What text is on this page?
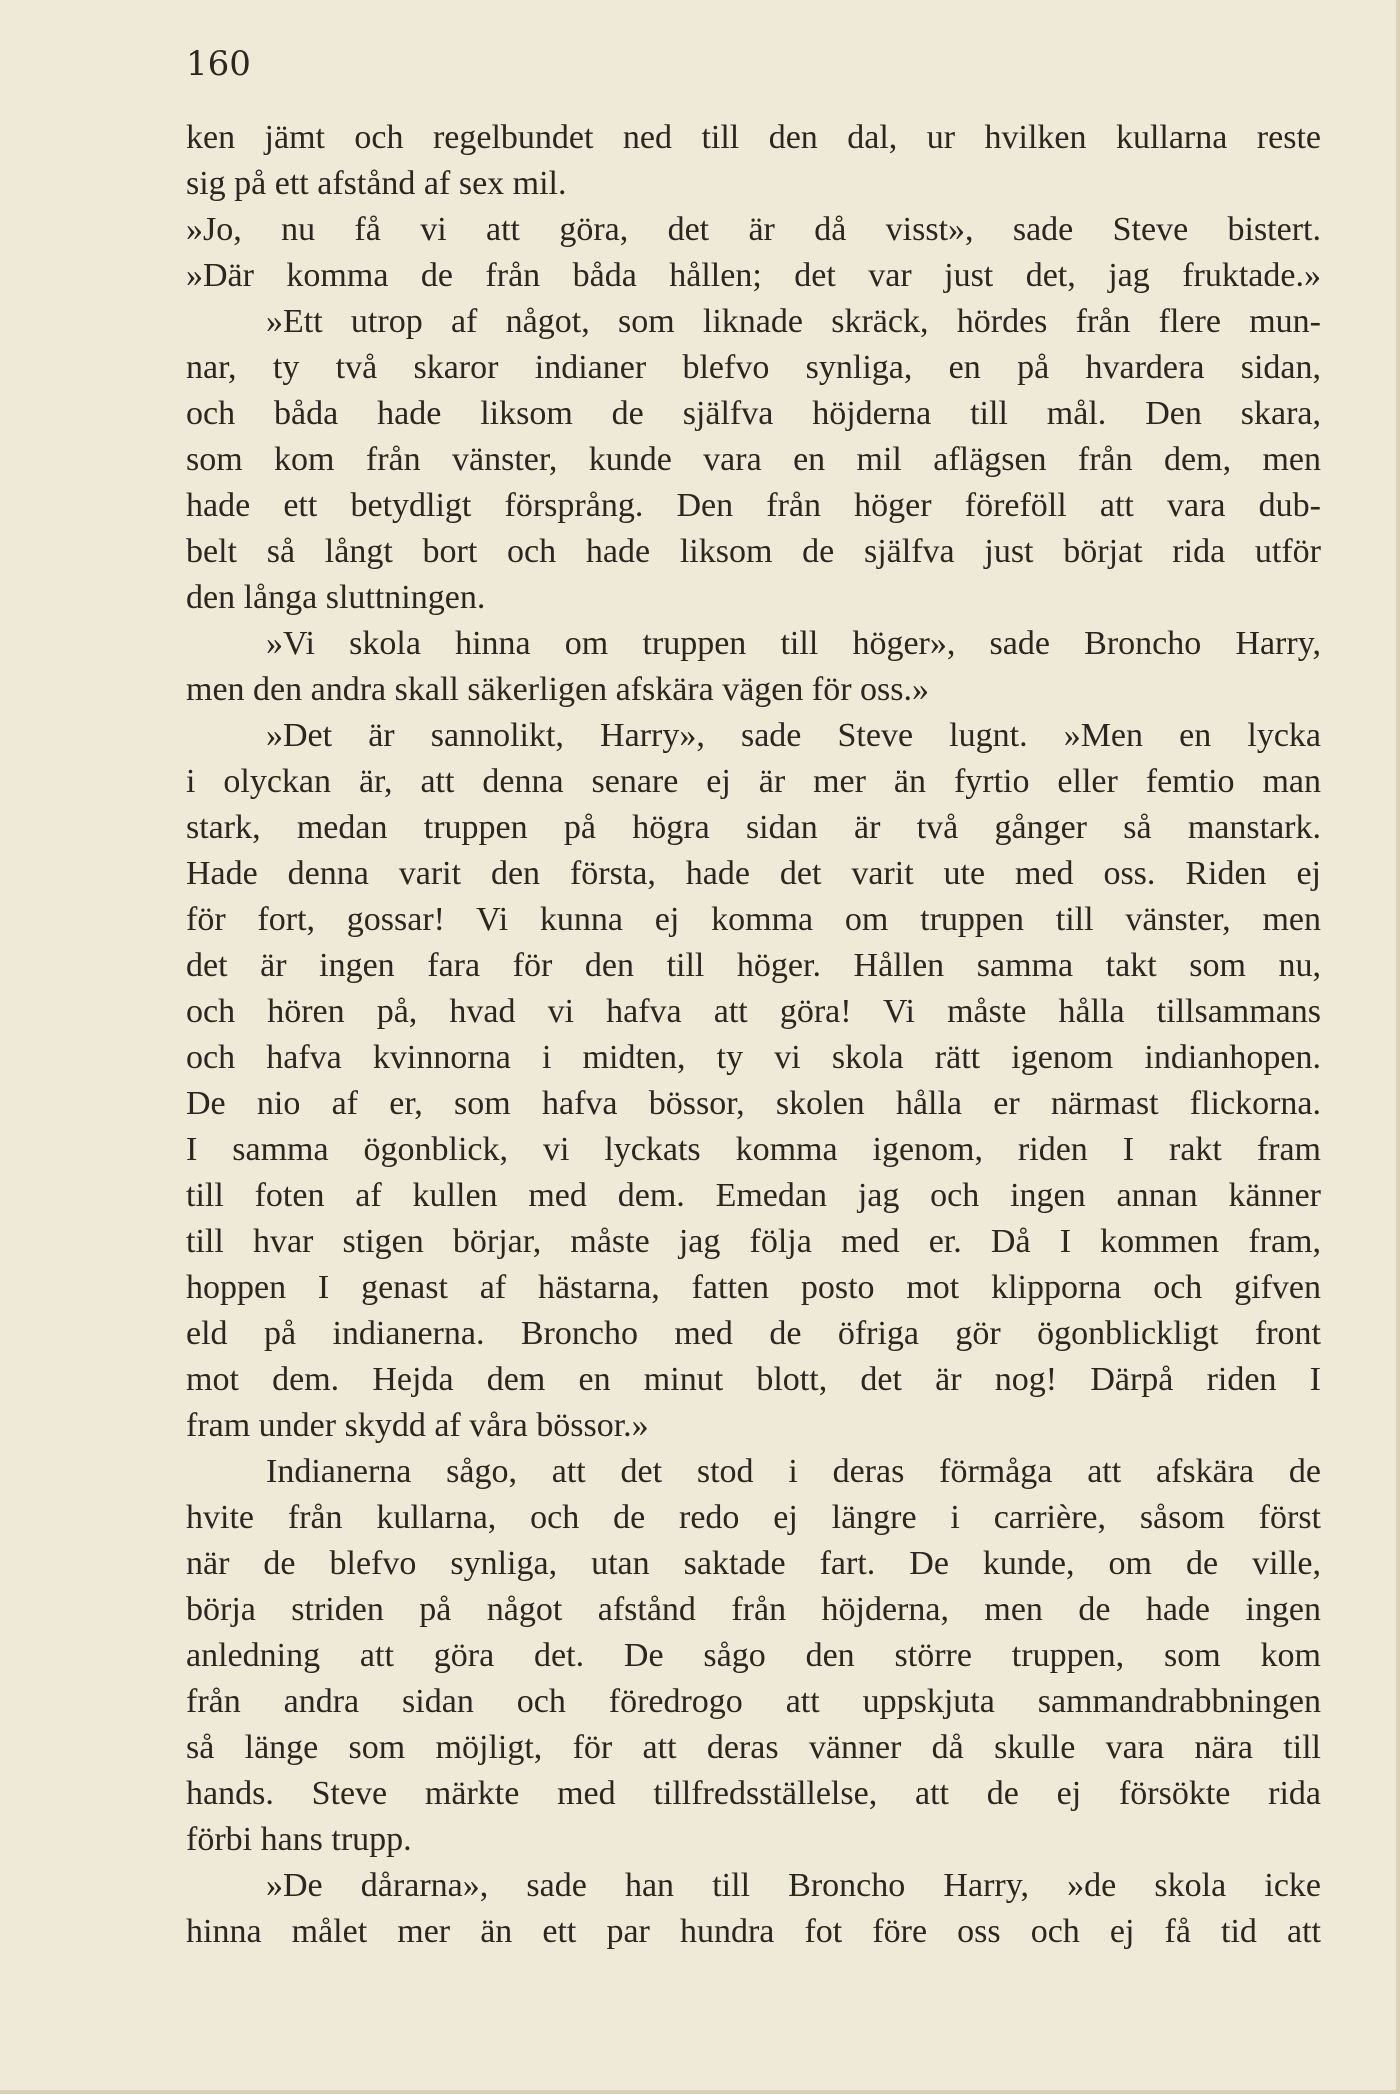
160

ken jämt och regelbundet ned till den dal, ur hvilken kullarna reste
sig på ett afstånd af sex mil.
»Jo, nu få vi att göra, det är då visst», sade Steve bistert.
»Där komma de från båda hållen; det var just det, jag fruktade.»
»Ett utrop af något, som liknade skräck, hördes från flere mun-
nar, ty två skaror indianer blefvo synliga, en på hvardera sidan,
och båda hade liksom de själfva höjderna till mål. Den skara,
som kom från vänster, kunde vara en mil aflägsen från dem, men
hade ett betydligt försprång. Den från höger föreföll att vara dub-
belt så långt bort och hade liksom de själfva just börjat rida utför
den långa sluttningen.
»Vi skola hinna om truppen till höger», sade Broncho Harry,
men den andra skall säkerligen afskära vägen för oss.»
»Det är sannolikt, Harry», sade Steve lugnt. »Men en lycka
i olyckan är, att denna senare ej är mer än fyrtio eller femtio man
stark, medan truppen på högra sidan är två gånger så manstark.
Hade denna varit den första, hade det varit ute med oss. Riden ej
för fort, gossar! Vi kunna ej komma om truppen till vänster, men
det är ingen fara för den till höger. Hållen samma takt som nu,
och hören på, hvad vi hafva att göra! Vi måste hålla tillsammans
och hafva kvinnorna i midten, ty vi skola rätt igenom indianhopen.
De nio af er, som hafva bössor, skolen hålla er närmast flickorna.
I samma ögonblick, vi lyckats komma igenom, riden I rakt fram
till foten af kullen med dem. Emedan jag och ingen annan känner
till hvar stigen börjar, måste jag följa med er. Då I kommen fram,
hoppen I genast af hästarna, fatten posto mot klipporna och gifven
eld på indianerna. Broncho med de öfriga gör ögonblickligt front
mot dem. Hejda dem en minut blott, det är nog! Därpå riden I
fram under skydd af våra bössor.»
Indianerna sågo, att det stod i deras förmåga att afskära de
hvite från kullarna, och de redo ej längre i carrière, såsom först
när de blefvo synliga, utan saktade fart. De kunde, om de ville,
börja striden på något afstånd från höjderna, men de hade ingen
anledning att göra det. De sågo den större truppen, som kom
från andra sidan och föredrogo att uppskjuta sammandrabbningen
så länge som möjligt, för att deras vänner då skulle vara nära till
hands. Steve märkte med tillfredsställelse, att de ej försökte rida
förbi hans trupp.
»De dårarna», sade han till Broncho Harry, »de skola icke
hinna målet mer än ett par hundra fot före oss och ej få tid att
